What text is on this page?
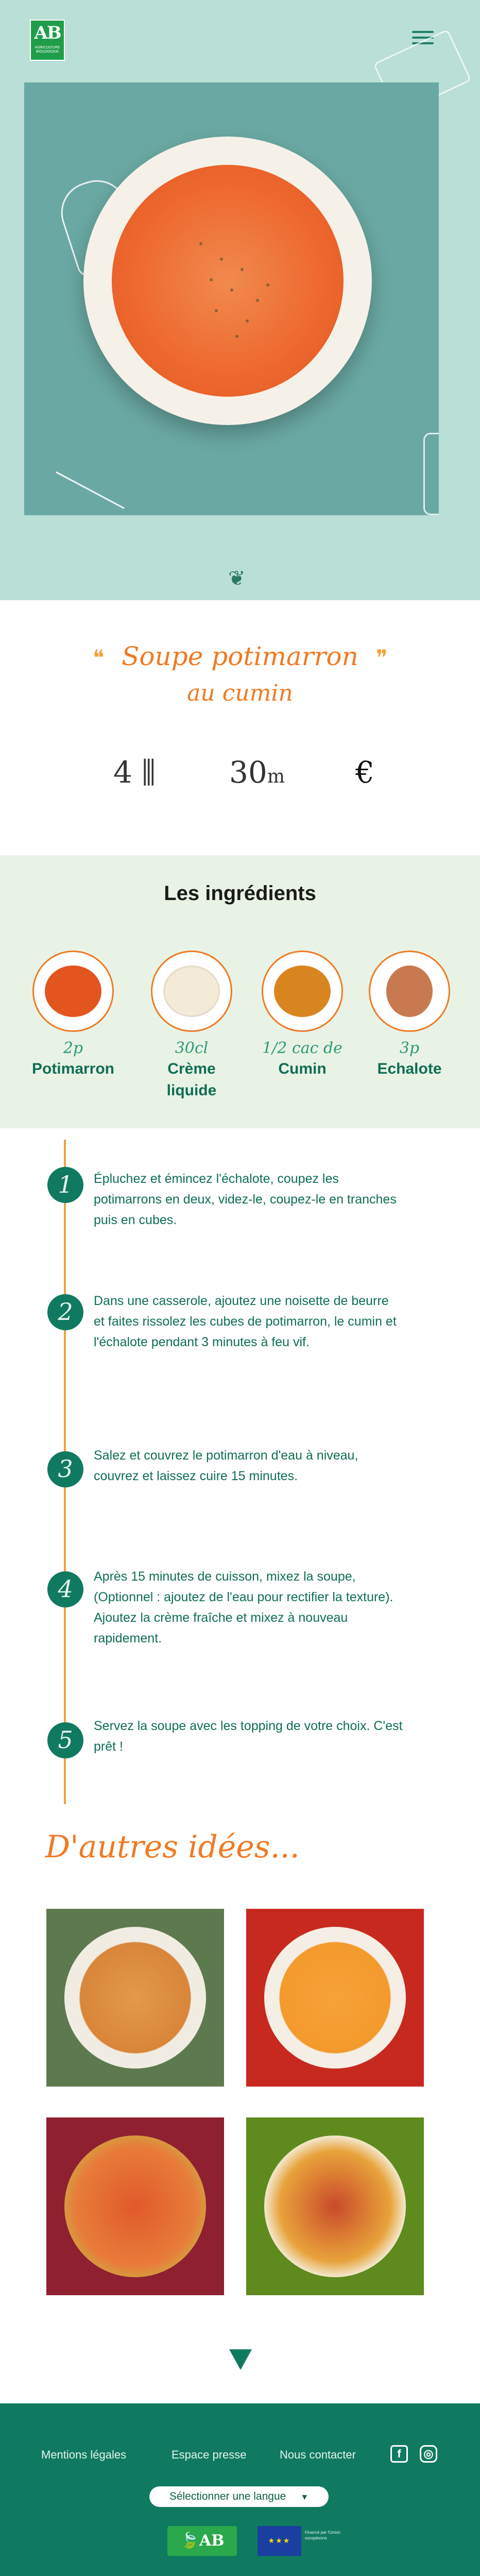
AB
AGRICULTURE BIOLOGIQUE
❦
❝	❞
Soupe potimarron
au cumin
4 ⫼ 30m €
Les ingrédients
2p
Potimarron
30cl
Crème
liquide
1/2 cac de
Cumin
3p
Echalote
1	Épluchez et émincez l'échalote, coupez les potimarrons en deux, videz-le, coupez-le en tranches puis en cubes.
2	Dans une casserole, ajoutez une noisette de beurre et faites rissolez les cubes de potimarron, le cumin et l'échalote pendant 3 minutes à feu vif.
3	Salez et couvrez le potimarron d'eau à niveau, couvrez et laissez cuire 15 minutes.
4	Après 15 minutes de cuisson, mixez la soupe, (Optionnel : ajoutez de l'eau pour rectifier la texture). Ajoutez la crème fraîche et mixez à nouveau rapidement.
5	Servez la soupe avec les topping de votre choix. C'est prêt !
D'autres idées...
Mentions légales	Espace presse	Nous contacter	f	◎
Sélectionner une langue ▼
🍃AB	★★★
Financé par l'Union européenne
